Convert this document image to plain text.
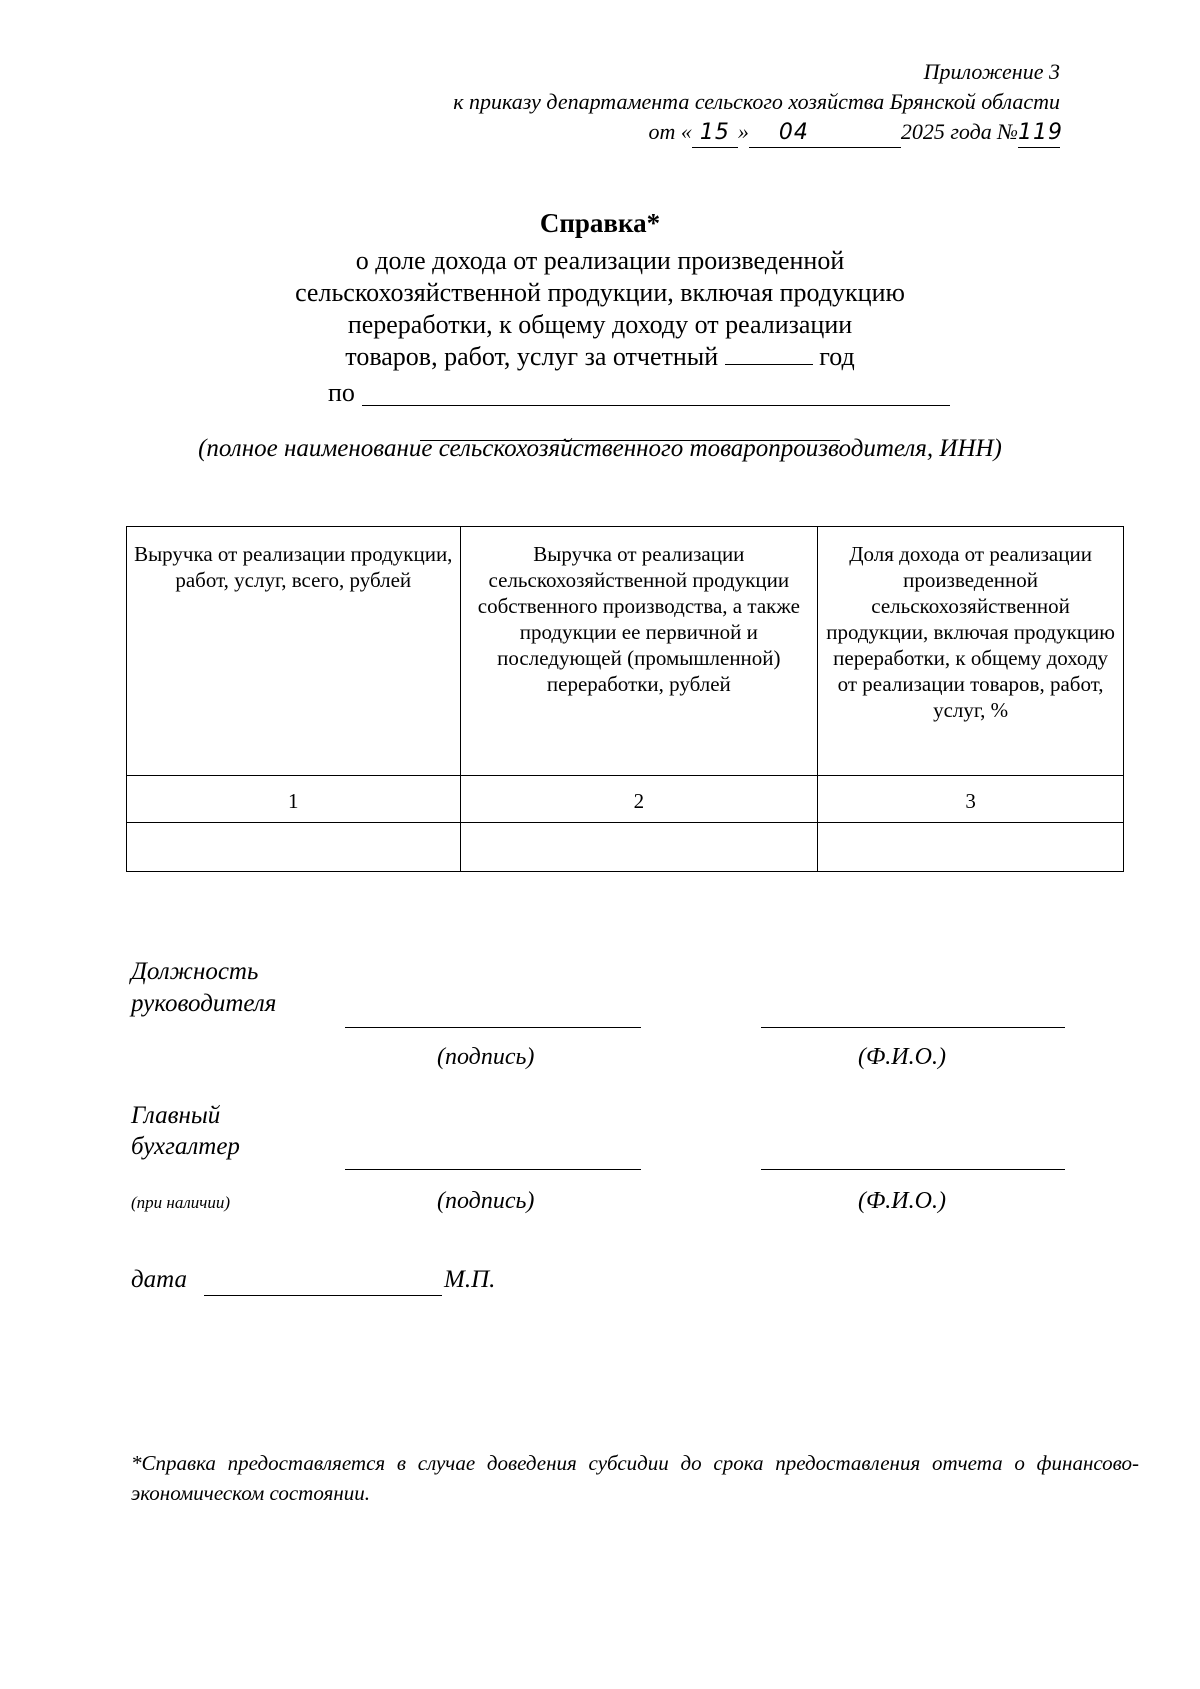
Приложение 3
к приказу департамента сельского хозяйства Брянской области
от « 15 » 04	2025 года №119
Справка*
о доле дохода от реализации произведенной
сельскохозяйственной продукции, включая продукцию
переработки, к общему доходу от реализации
товаров, работ, услуг за отчетный	год
по
(полное наименование сельскохозяйственного товаропроизводителя, ИНН)
Выручка от реализации продукции, работ, услуг, всего, рублей	Выручка от реализации сельскохозяйственной продукции собственного производства, а также продукции ее первичной и последующей (промышленной) переработки, рублей	Доля дохода от реализации произведенной сельскохозяйственной продукции, включая продукцию переработки, к общему доходу от реализации товаров, работ, услуг, %
1	2	3

Должность
руководителя
(подпись)	(Ф.И.О.)
Главный
бухгалтер
(при наличии)	(подпись)	(Ф.И.О.)
дата	М.П.
*Справка предоставляется в случае доведения субсидии до срока предоставления отчета о финансово-экономическом состоянии.
